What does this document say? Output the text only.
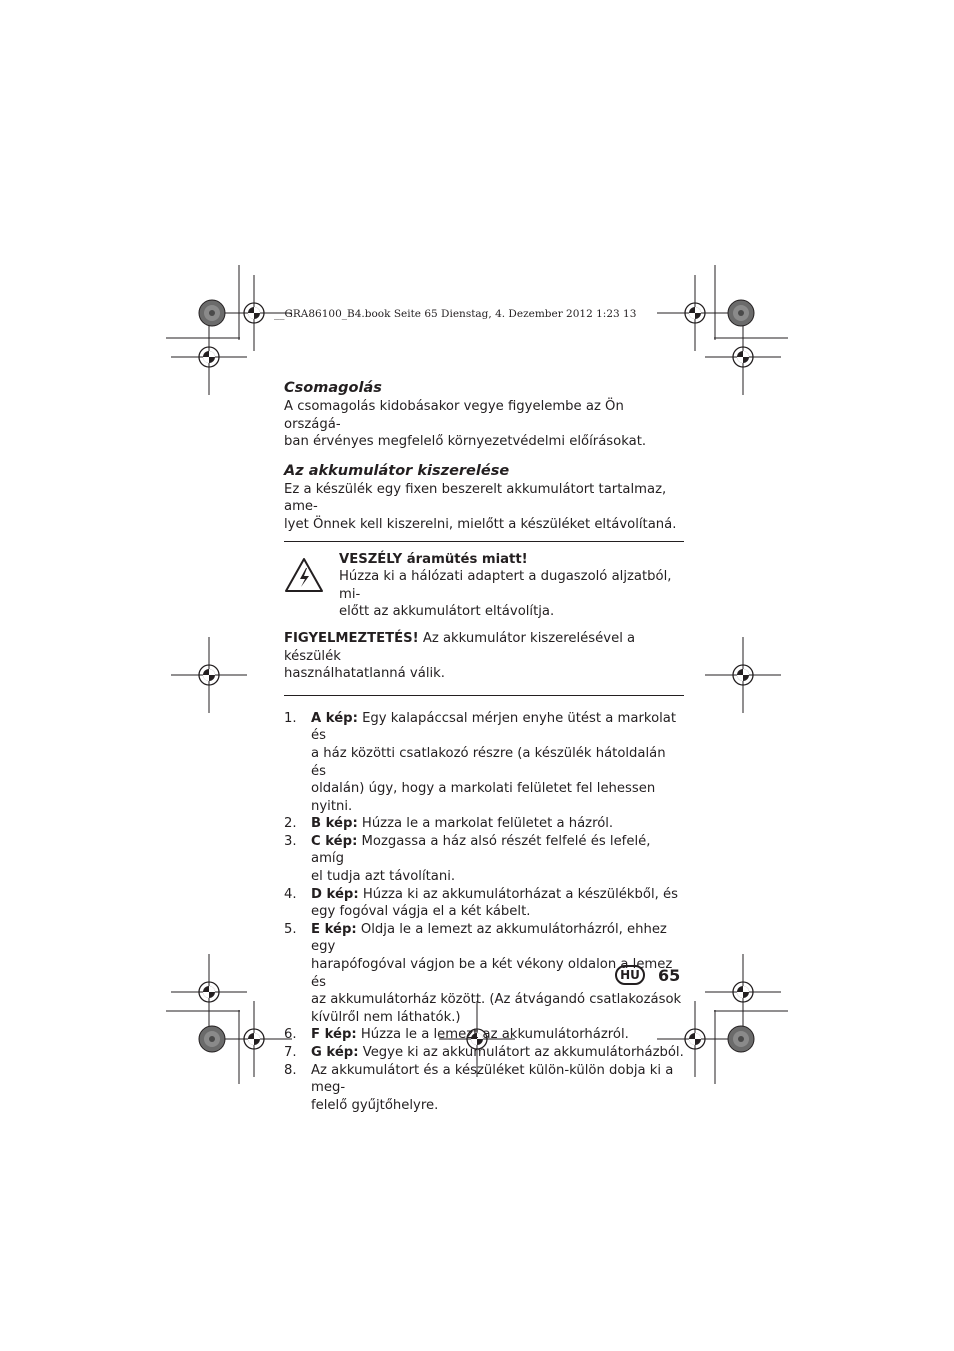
__GRA86100_B4.book Seite 65 Dienstag, 4. Dezember 2012 1:23 13
Csomagolás

A csomagolás kidobásakor vegye figyelembe az Ön országá-

ban érvényes megfelelő környezetvédelmi előírásokat.

Az akkumulátor kiszerelése

Ez a készülék egy fixen beszerelt akkumulátort tartalmaz, ame-

lyet Önnek kell kiszerelni, mielőtt a készüléket eltávolítaná.

VESZÉLY áramütés miatt!

Húzza ki a hálózati adaptert a dugaszoló aljzatból, mi-

előtt az akkumulátort eltávolítja.

FIGYELMEZTETÉS! Az akkumulátor kiszerelésével a készülék

használhatatlanná válik.

1. A kép: Egy kalapáccsal mérjen enyhe ütést a markolat és

a ház közötti csatlakozó részre (a készülék hátoldalán és

oldalán) úgy, hogy a markolati felületet fel lehessen nyitni.

2. B kép: Húzza le a markolat felületet a házról.

3. C kép: Mozgassa a ház alsó részét felfelé és lefelé, amíg

el tudja azt távolítani.

4. D kép: Húzza ki az akkumulátorházat a készülékből, és

egy fogóval vágja el a két kábelt.

5. E kép: Oldja le a lemezt az akkumulátorházról, ehhez egy

harapófogóval vágjon be a két vékony oldalon a lemez és

az akkumulátorház között. (Az átvágandó csatlakozások

kívülről nem láthatók.)

6. F kép: Húzza le a lemezt az akkumulátorházról.

7. G kép: Vegye ki az akkumulátort az akkumulátorházból.

8. Az akkumulátort és a készüléket külön-külön dobja ki a meg-

felelő gyűjtőhelyre.

HU	65
